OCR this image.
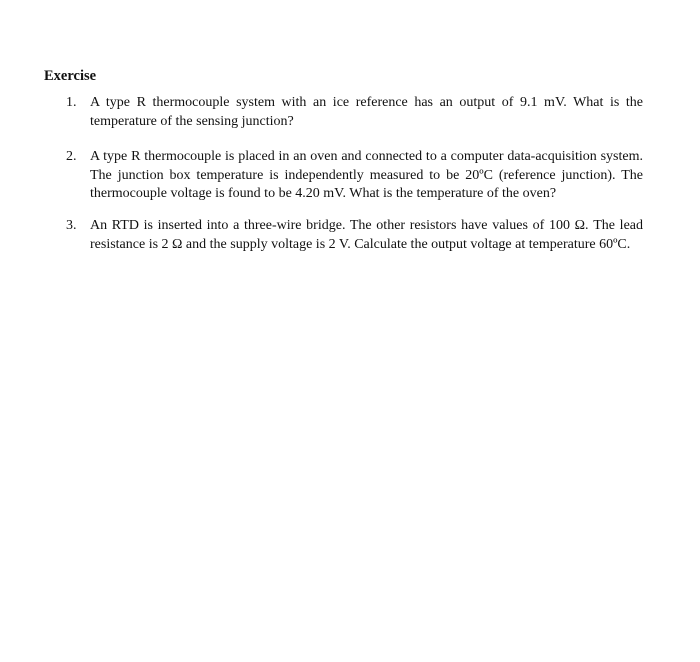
Exercise
1. A type R thermocouple system with an ice reference has an output of 9.1 mV. What is the temperature of the sensing junction?
2. A type R thermocouple is placed in an oven and connected to a computer data-acquisition system. The junction box temperature is independently measured to be 20ºC (reference junction). The thermocouple voltage is found to be 4.20 mV. What is the temperature of the oven?
3. An RTD is inserted into a three-wire bridge. The other resistors have values of 100 Ω. The lead resistance is 2 Ω and the supply voltage is 2 V. Calculate the output voltage at temperature 60ºC.
